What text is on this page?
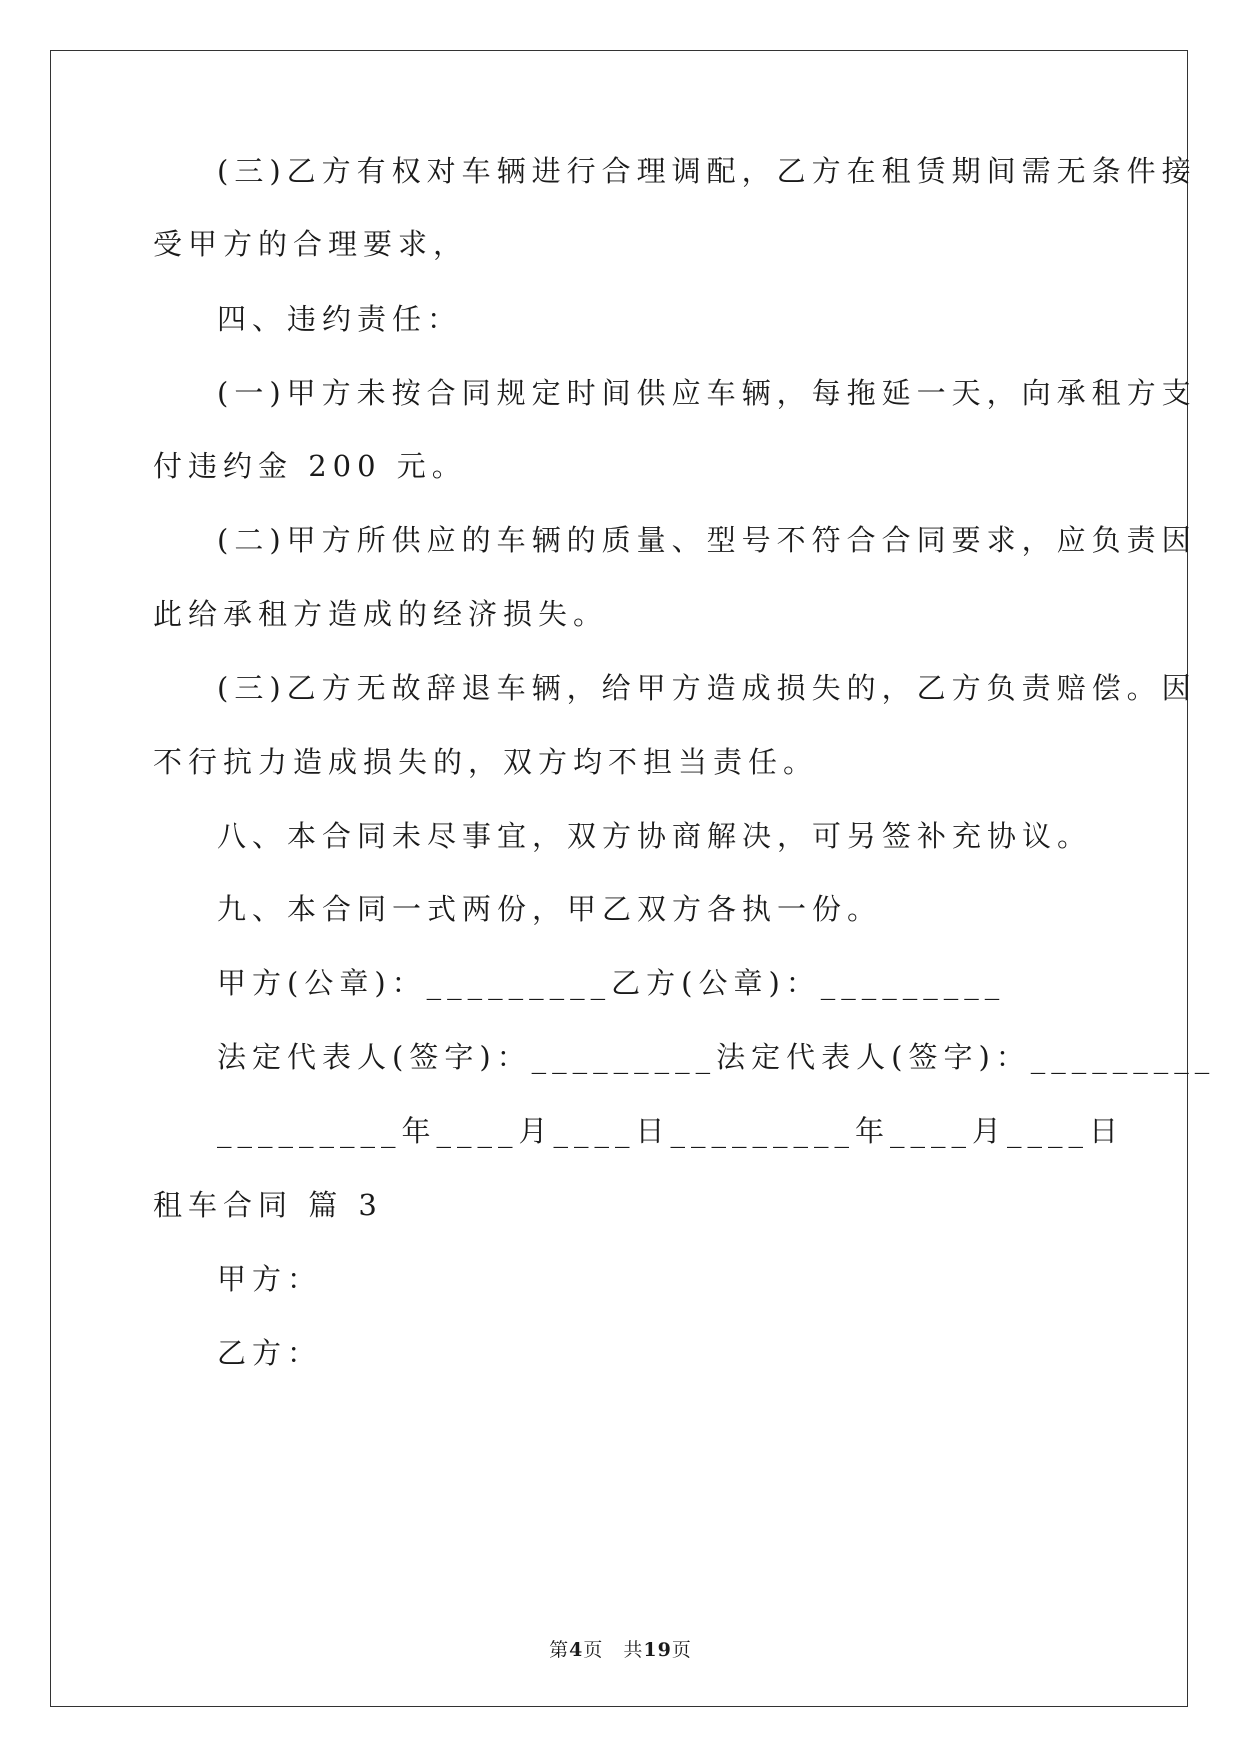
(三)乙方有权对车辆进行合理调配，乙方在租赁期间需无条件接
受甲方的合理要求，
四、违约责任：
(一)甲方未按合同规定时间供应车辆，每拖延一天，向承租方支
付违约金 200 元。
(二)甲方所供应的车辆的质量、型号不符合合同要求，应负责因
此给承租方造成的经济损失。
(三)乙方无故辞退车辆，给甲方造成损失的，乙方负责赔偿。因
不行抗力造成损失的，双方均不担当责任。
八、本合同未尽事宜，双方协商解决，可另签补充协议。
九、本合同一式两份，甲乙双方各执一份。
甲方(公章)：_________乙方(公章)：_________
法定代表人(签字)：_________法定代表人(签字)：_________
_________年____月____日_________年____月____日
租车合同 篇 3
甲方：
乙方：
第4页　共19页
